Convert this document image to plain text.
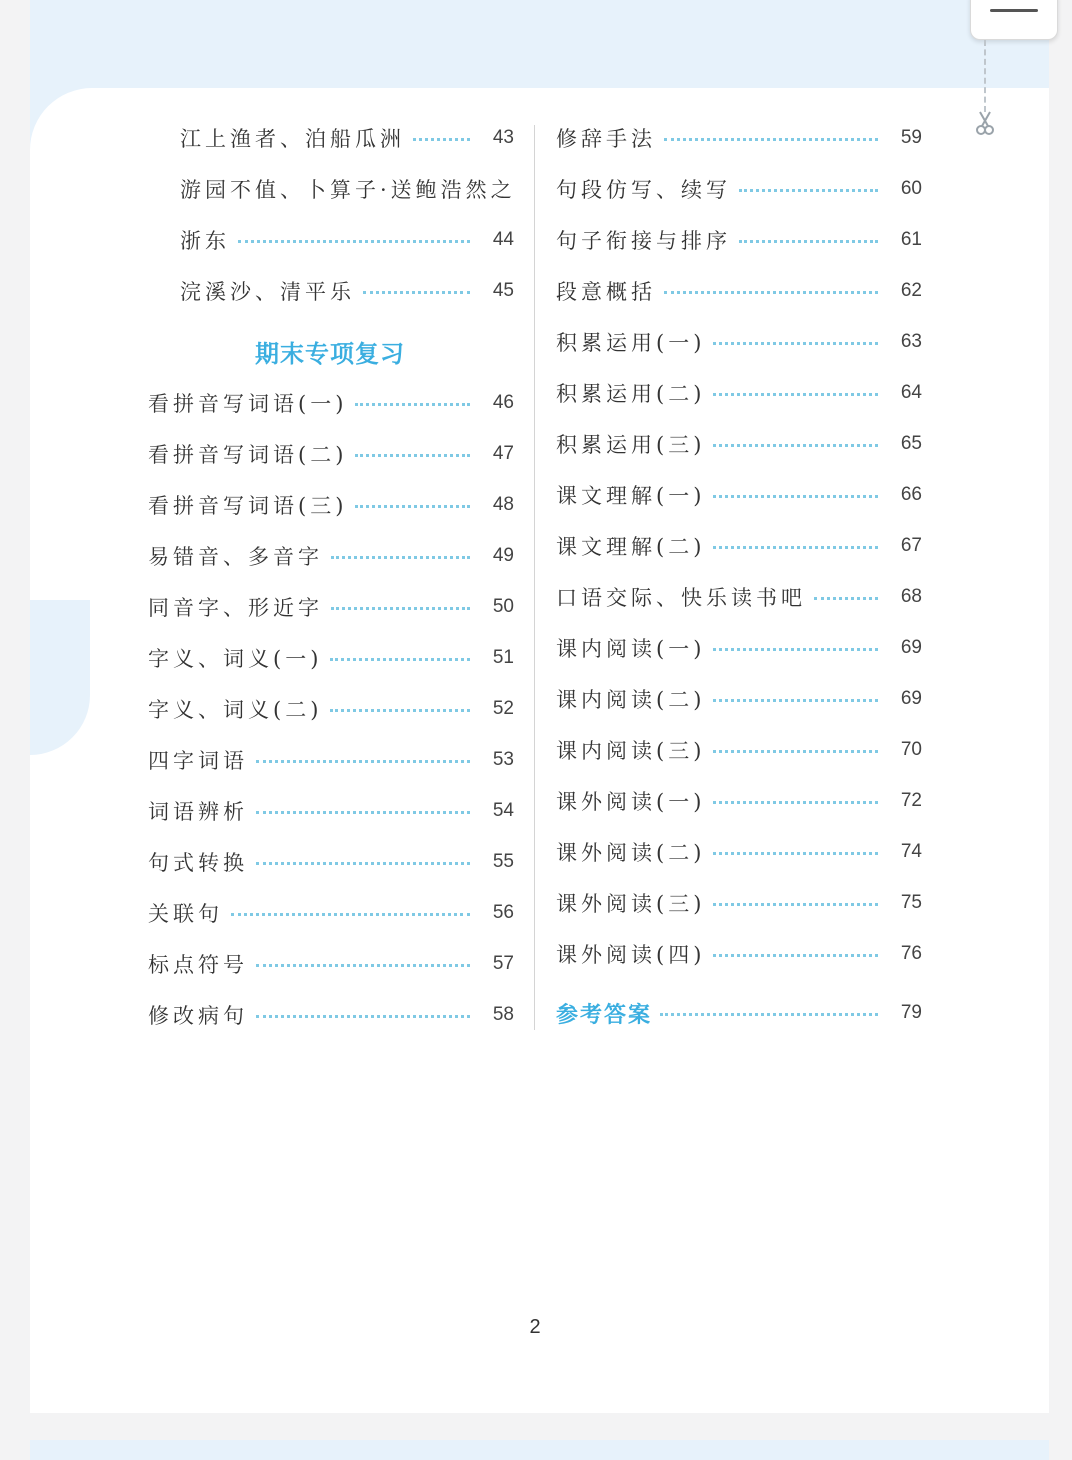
江上渔者、泊船瓜洲	43
游园不值、卜算子·送鲍浩然之
浙东	44
浣溪沙、清平乐	45
期末专项复习
看拼音写词语(一)	46
看拼音写词语(二)	47
看拼音写词语(三)	48
易错音、多音字	49
同音字、形近字	50
字义、词义(一)	51
字义、词义(二)	52
四字词语	53
词语辨析	54
句式转换	55
关联句	56
标点符号	57
修改病句	58
修辞手法	59
句段仿写、续写	60
句子衔接与排序	61
段意概括	62
积累运用(一)	63
积累运用(二)	64
积累运用(三)	65
课文理解(一)	66
课文理解(二)	67
口语交际、快乐读书吧	68
课内阅读(一)	69
课内阅读(二)	69
课内阅读(三)	70
课外阅读(一)	72
课外阅读(二)	74
课外阅读(三)	75
课外阅读(四)	76
参考答案	79
2
